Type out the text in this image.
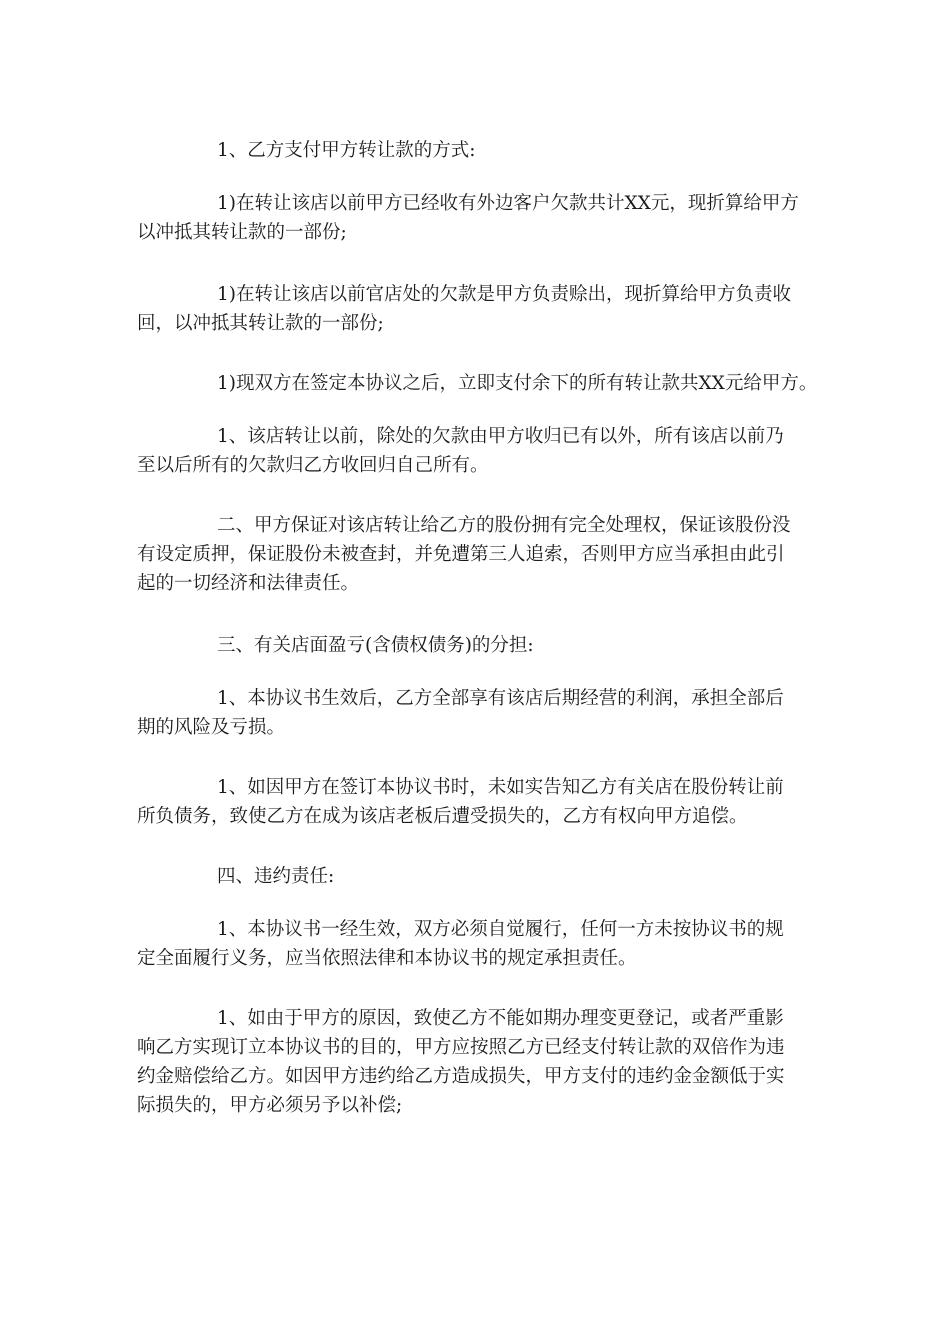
1、乙方支付甲方转让款的方式:
1)在转让该店以前甲方已经收有外边客户欠款共计XX元，现折算给甲方
以冲抵其转让款的一部份;
1)在转让该店以前官店处的欠款是甲方负责赊出，现折算给甲方负责收
回，以冲抵其转让款的一部份;
1)现双方在签定本协议之后，立即支付余下的所有转让款共XX元给甲方。
1、该店转让以前，除处的欠款由甲方收归已有以外，所有该店以前乃
至以后所有的欠款归乙方收回归自己所有。
二、甲方保证对该店转让给乙方的股份拥有完全处理权，保证该股份没
有设定质押，保证股份未被查封，并免遭第三人追索，否则甲方应当承担由此引
起的一切经济和法律责任。
三、有关店面盈亏(含债权债务)的分担:
1、本协议书生效后，乙方全部享有该店后期经营的利润，承担全部后
期的风险及亏损。
1、如因甲方在签订本协议书时，未如实告知乙方有关店在股份转让前
所负债务，致使乙方在成为该店老板后遭受损失的，乙方有权向甲方追偿。
四、违约责任:
1、本协议书一经生效，双方必须自觉履行，任何一方未按协议书的规
定全面履行义务，应当依照法律和本协议书的规定承担责任。
1、如由于甲方的原因，致使乙方不能如期办理变更登记，或者严重影
响乙方实现订立本协议书的目的，甲方应按照乙方已经支付转让款的双倍作为违
约金赔偿给乙方。如因甲方违约给乙方造成损失，甲方支付的违约金金额低于实
际损失的，甲方必须另予以补偿;
